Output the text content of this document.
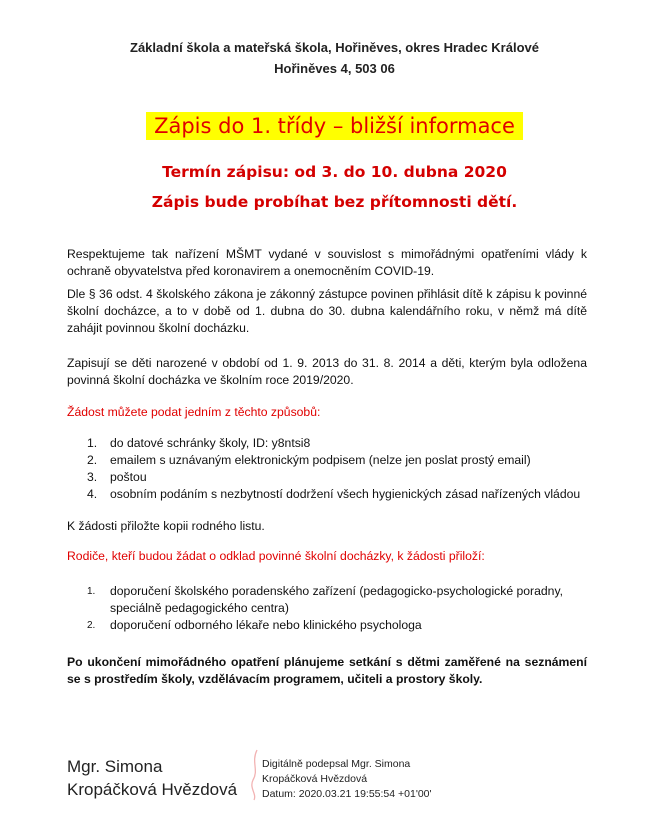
Základní škola a mateřská škola, Hořiněves, okres Hradec Králové
Hořiněves 4, 503 06
Zápis do 1. třídy – bližší informace
Termín zápisu: od 3. do 10. dubna 2020
Zápis bude probíhat bez přítomnosti dětí.
Respektujeme tak nařízení MŠMT vydané v souvislost s mimořádnými opatřeními vlády k ochraně obyvatelstva před koronavirem a onemocněním COVID-19.
Dle § 36 odst. 4 školského zákona je zákonný zástupce povinen přihlásit dítě k zápisu k povinné školní docházce, a to v době od 1. dubna do 30. dubna kalendářního roku, v němž má dítě zahájit povinnou školní docházku.
Zapisují se děti narozené v období od 1. 9. 2013 do 31. 8. 2014 a děti, kterým byla odložena povinná školní docházka ve školním roce 2019/2020.
Žádost můžete podat jedním z těchto způsobů:
1.	do datové schránky školy, ID: y8ntsi8
2.	emailem s uznávaným elektronickým podpisem (nelze jen poslat prostý email)
3.	poštou
4.	osobním podáním s nezbytností dodržení všech hygienických zásad nařízených vládou
K žádosti přiložte kopii rodného listu.
Rodiče, kteří budou žádat o odklad povinné školní docházky, k žádosti přiloží:
1.	doporučení školského poradenského zařízení (pedagogicko-psychologické poradny,
speciálně pedagogického centra)
2.	doporučení odborného lékaře nebo klinického psychologa
Po ukončení mimořádného opatření plánujeme setkání s dětmi zaměřené na seznámení se s prostředím školy, vzdělávacím programem, učiteli a prostory školy.
Mgr. Simona
Kropáčková Hvězdová
Digitálně podepsal Mgr. Simona
Kropáčková Hvězdová
Datum: 2020.03.21 19:55:54 +01'00'
